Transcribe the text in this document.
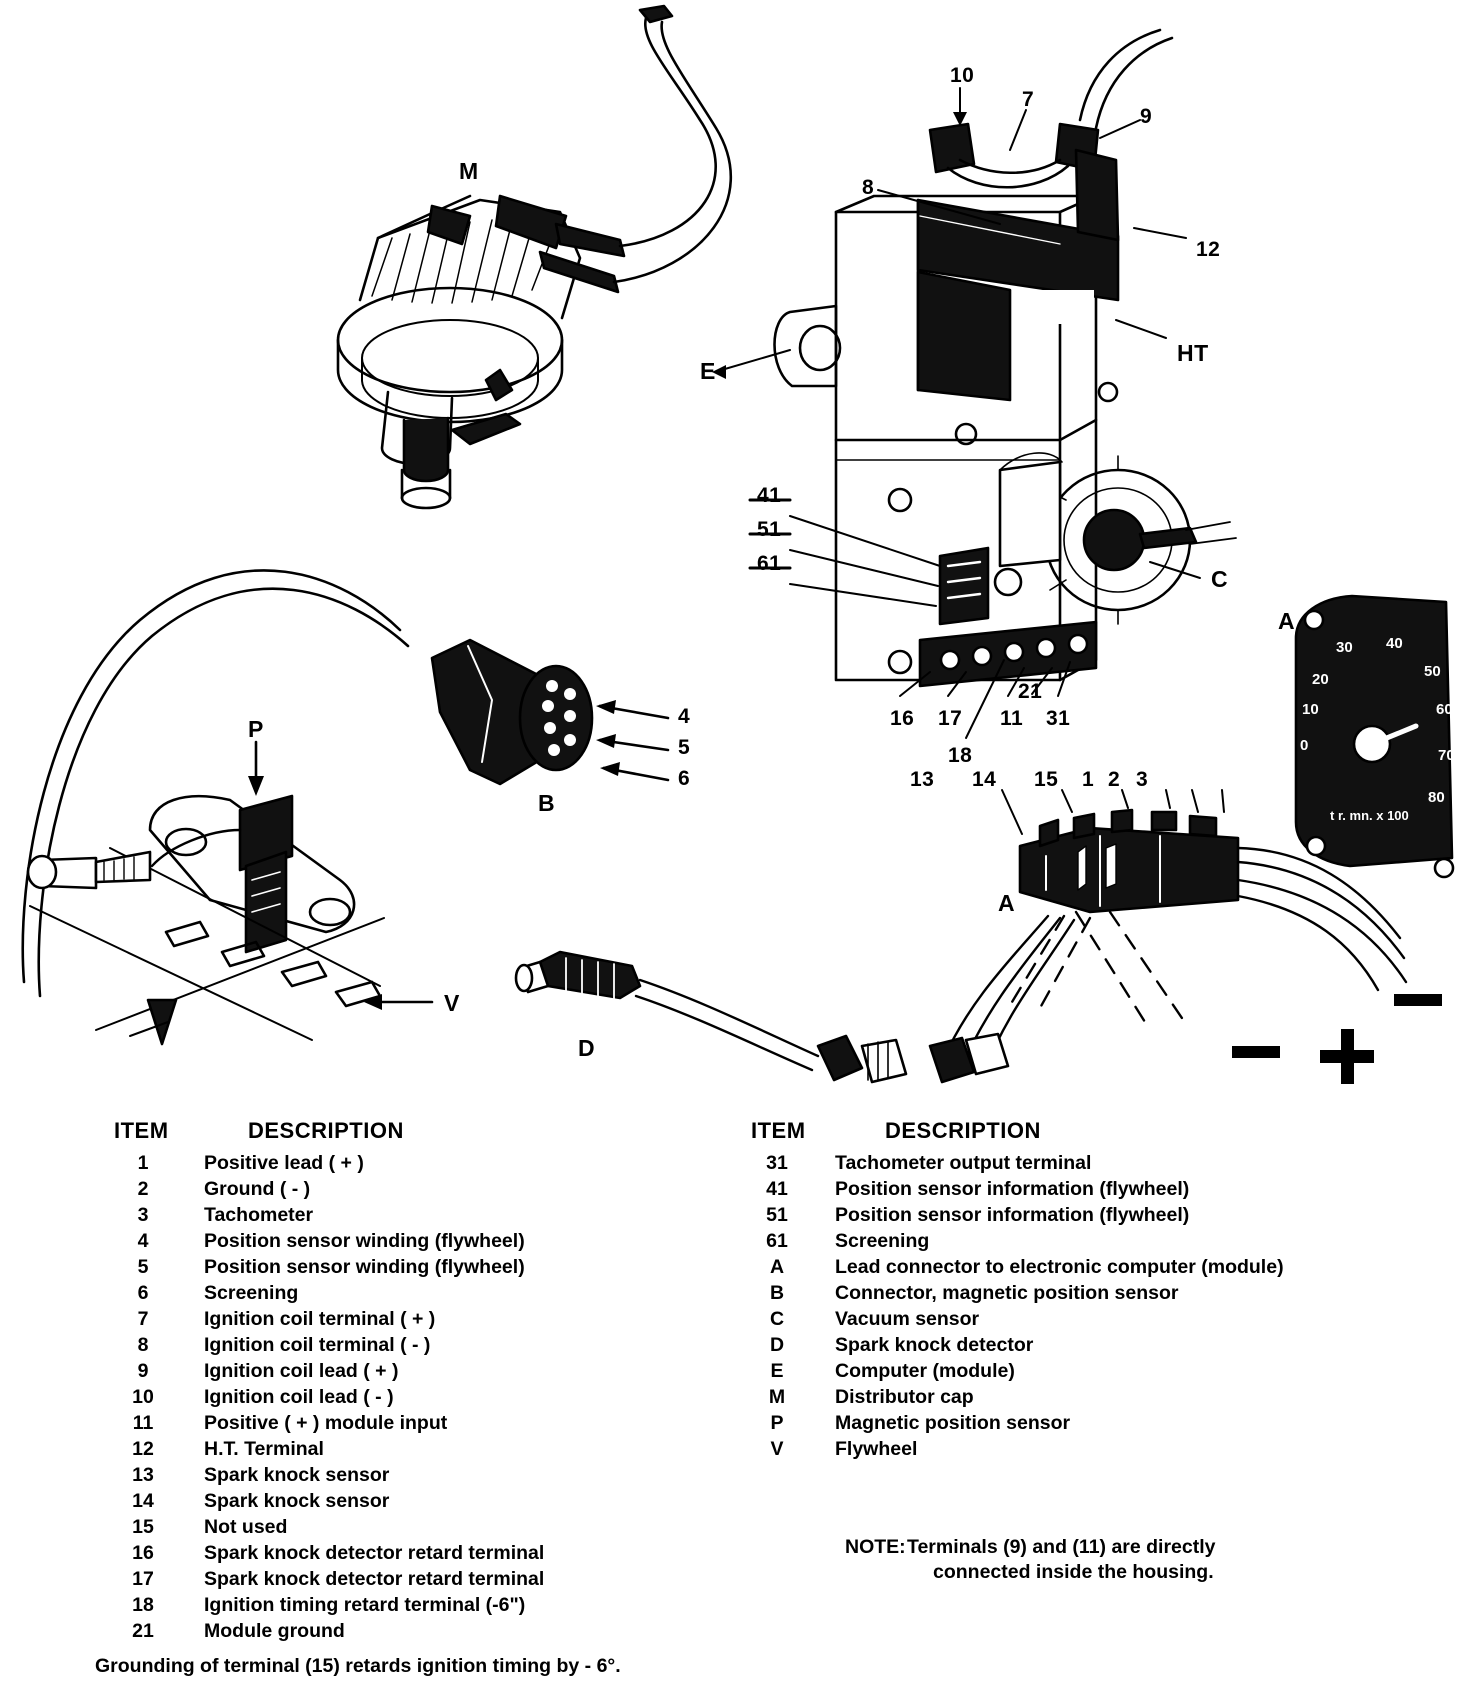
30 40
20	50
10	60
0
70
80
t r. mn. x 100
10
7
9
8
12
HT
M
E
41
51
61
C
A
16 17 11 31
21
18
13 14 15 1 2 3
A
P	4
5
6
B
V
D
ITEM	DESCRIPTION
1	Positive lead ( + )
2	Ground ( - )
3	Tachometer
4	Position sensor winding (flywheel)
5	Position sensor winding (flywheel)
6	Screening
7	Ignition coil terminal ( + )
8	Ignition coil terminal ( - )
9	Ignition coil lead ( + )
10	Ignition coil lead ( - )
11	Positive ( + ) module input
12	H.T. Terminal
13	Spark knock sensor
14	Spark knock sensor
15	Not used
16	Spark knock detector retard terminal
17	Spark knock detector retard terminal
18	Ignition timing retard terminal (-6")
21	Module ground
ITEM	DESCRIPTION
31	Tachometer output terminal
41	Position sensor information (flywheel)
51	Position sensor information (flywheel)
61	Screening
A	Lead connector to electronic computer (module)
B	Connector, magnetic position sensor
C	Vacuum sensor
D	Spark knock detector
E	Computer (module)
M	Distributor cap
P	Magnetic position sensor
V	Flywheel
NOTE: Terminals (9) and (11) are directly
connected inside the housing.
Grounding of terminal (15) retards ignition timing by - 6°.
